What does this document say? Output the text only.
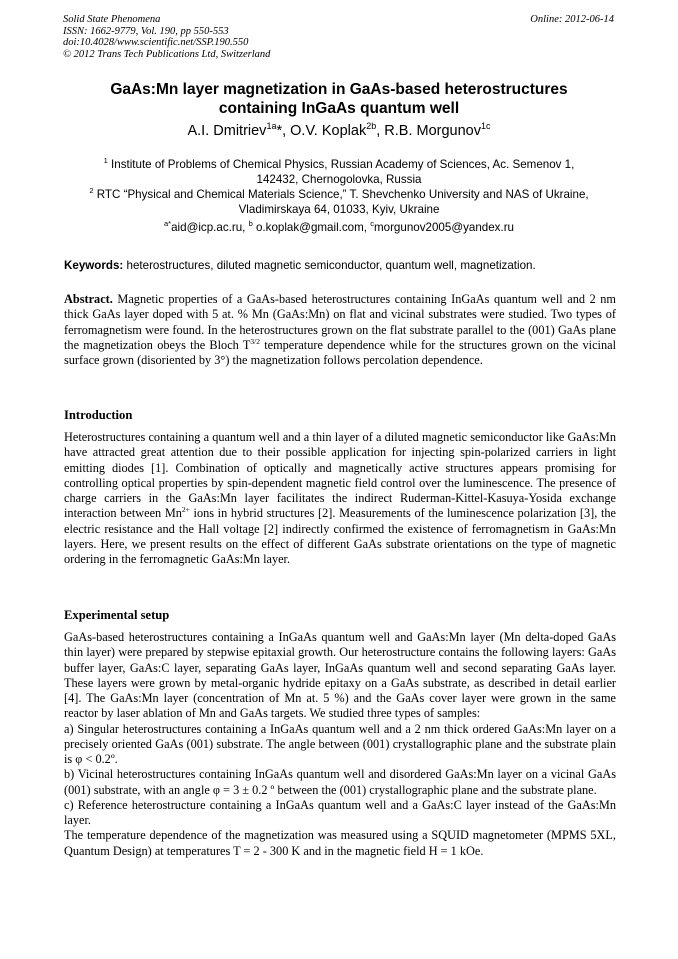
Solid State Phenomena
ISSN: 1662-9779, Vol. 190, pp 550-553
doi:10.4028/www.scientific.net/SSP.190.550
© 2012 Trans Tech Publications Ltd, Switzerland
Online: 2012-06-14
GaAs:Mn layer magnetization in GaAs-based heterostructures
containing InGaAs quantum well
A.I. Dmitriev$^{1a}$*, O.V. Koplak$^{2b}$, R.B. Morgunov$^{1c}$
$^1$ Institute of Problems of Chemical Physics, Russian Academy of Sciences, Ac. Semenov 1,
142432, Chernogolovka, Russia
$^2$ RTC “Physical and Chemical Materials Science,” T. Shevchenko University and NAS of Ukraine,
Vladimirskaya 64, 01033, Kyiv, Ukraine
$^{a*}$aid@icp.ac.ru, $^b$ o.koplak@gmail.com, $^c$morgunov2005@yandex.ru
Keywords: heterostructures, diluted magnetic semiconductor, quantum well, magnetization.
Abstract. Magnetic properties of a GaAs-based heterostructures containing InGaAs quantum well and 2 nm thick GaAs layer doped with 5 at. % Mn (GaAs:Mn) on flat and vicinal substrates were studied. Two types of ferromagnetism were found. In the heterostructures grown on the flat substrate parallel to the (001) GaAs plane the magnetization obeys the Bloch $T^{3/2}$ temperature dependence while for the structures grown on the vicinal surface grown (disoriented by 3°) the magnetization follows percolation dependence.
Introduction
Heterostructures containing a quantum well and a thin layer of a diluted magnetic semiconductor like GaAs:Mn have attracted great attention due to their possible application for injecting spin-polarized carriers in light emitting diodes [1]. Combination of optically and magnetically active structures appears promising for controlling optical properties by spin-dependent magnetic field control over the luminescence. The presence of charge carriers in the GaAs:Mn layer facilitates the indirect Ruderman-Kittel-Kasuya-Yosida exchange interaction between $Mn^{2+}$ ions in hybrid structures [2]. Measurements of the luminescence polarization [3], the electric resistance and the Hall voltage [2] indirectly confirmed the existence of ferromagnetism in GaAs:Mn layers. Here, we present results on the effect of different GaAs substrate orientations on the type of magnetic ordering in the ferromagnetic GaAs:Mn layer.
Experimental setup
GaAs-based heterostructures containing a InGaAs quantum well and GaAs:Mn layer (Mn delta-doped GaAs thin layer) were prepared by stepwise epitaxial growth. Our heterostructure contains the following layers: GaAs buffer layer, GaAs:C layer, separating GaAs layer, InGaAs quantum well and second separating GaAs layer. These layers were grown by metal-organic hydride epitaxy on a GaAs substrate, as described in detail earlier [4]. The GaAs:Mn layer (concentration of Mn at. 5 %) and the GaAs cover layer were grown in the same reactor by laser ablation of Mn and GaAs targets. We studied three types of samples:
a) Singular heterostructures containing a InGaAs quantum well and a 2 nm thick ordered GaAs:Mn layer on a precisely oriented GaAs (001) substrate. The angle between (001) crystallographic plane and the substrate plain is φ < 0.2º.
b) Vicinal heterostructures containing InGaAs quantum well and disordered GaAs:Mn layer on a vicinal GaAs (001) substrate, with an angle φ = 3 ± 0.2 º between the (001) crystallographic plane and the substrate plane.
c) Reference heterostructure containing a InGaAs quantum well and a GaAs:C layer instead of the GaAs:Mn layer.
The temperature dependence of the magnetization was measured using a SQUID magnetometer (MPMS 5XL, Quantum Design) at temperatures T = 2 - 300 K and in the magnetic field H = 1 kOe.
